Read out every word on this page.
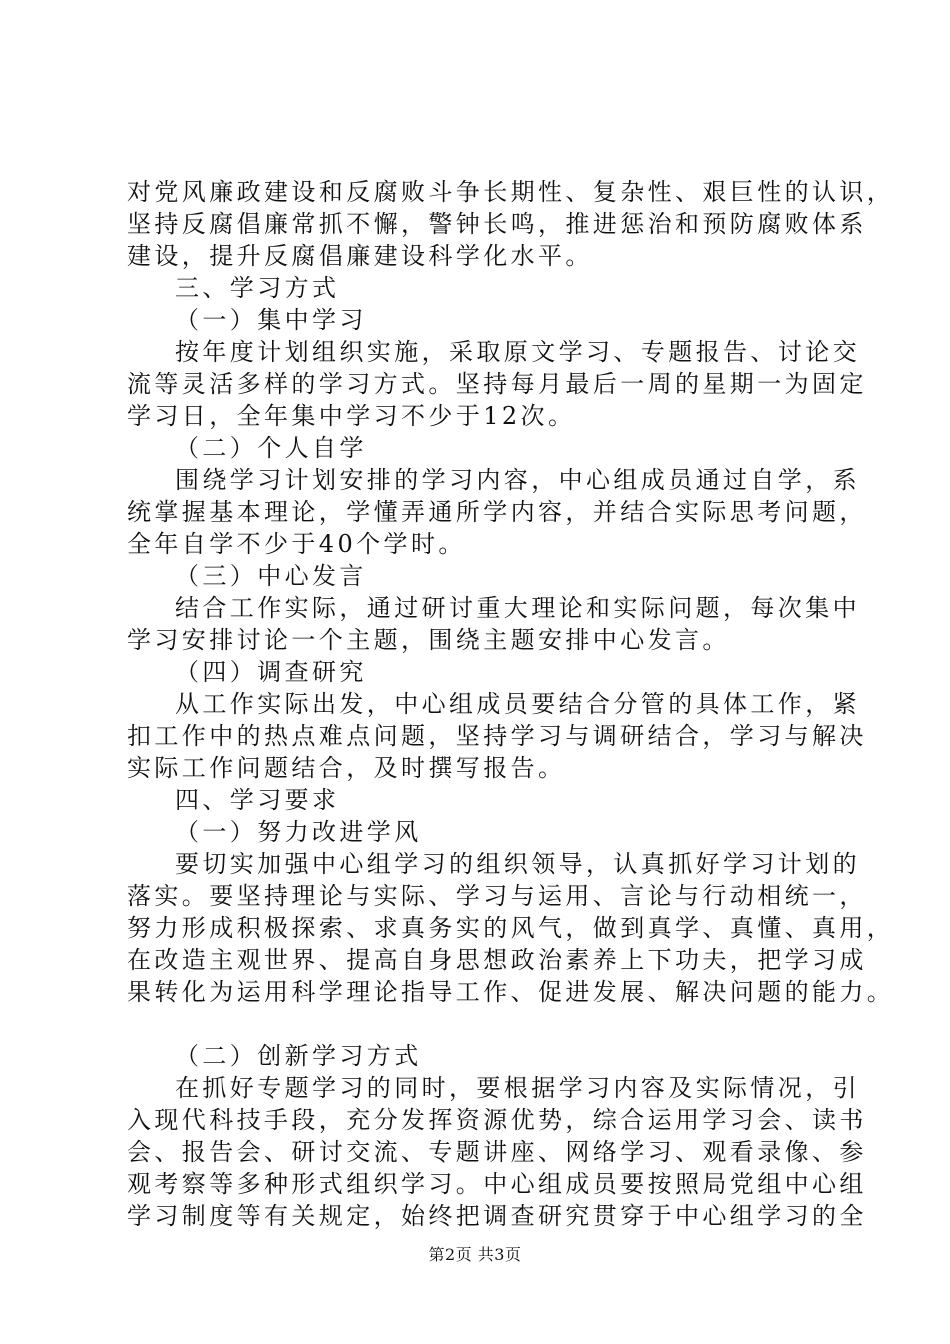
对党风廉政建设和反腐败斗争长期性、复杂性、艰巨性的认识，
坚持反腐倡廉常抓不懈，警钟长鸣，推进惩治和预防腐败体系
建设，提升反腐倡廉建设科学化水平。
三、学习方式
（一）集中学习
按年度计划组织实施，采取原文学习、专题报告、讨论交
流等灵活多样的学习方式。坚持每月最后一周的星期一为固定
学习日，全年集中学习不少于12次。
（二）个人自学
围绕学习计划安排的学习内容，中心组成员通过自学，系
统掌握基本理论，学懂弄通所学内容，并结合实际思考问题，
全年自学不少于40个学时。
（三）中心发言
结合工作实际，通过研讨重大理论和实际问题，每次集中
学习安排讨论一个主题，围绕主题安排中心发言。
（四）调查研究
从工作实际出发，中心组成员要结合分管的具体工作，紧
扣工作中的热点难点问题，坚持学习与调研结合，学习与解决
实际工作问题结合，及时撰写报告。
四、学习要求
（一）努力改进学风
要切实加强中心组学习的组织领导，认真抓好学习计划的
落实。要坚持理论与实际、学习与运用、言论与行动相统一，
努力形成积极探索、求真务实的风气，做到真学、真懂、真用，
在改造主观世界、提高自身思想政治素养上下功夫，把学习成
果转化为运用科学理论指导工作、促进发展、解决问题的能力。
（二）创新学习方式
在抓好专题学习的同时，要根据学习内容及实际情况，引
入现代科技手段，充分发挥资源优势，综合运用学习会、读书
会、报告会、研讨交流、专题讲座、网络学习、观看录像、参
观考察等多种形式组织学习。中心组成员要按照局党组中心组
学习制度等有关规定，始终把调查研究贯穿于中心组学习的全
第2页 共3页
